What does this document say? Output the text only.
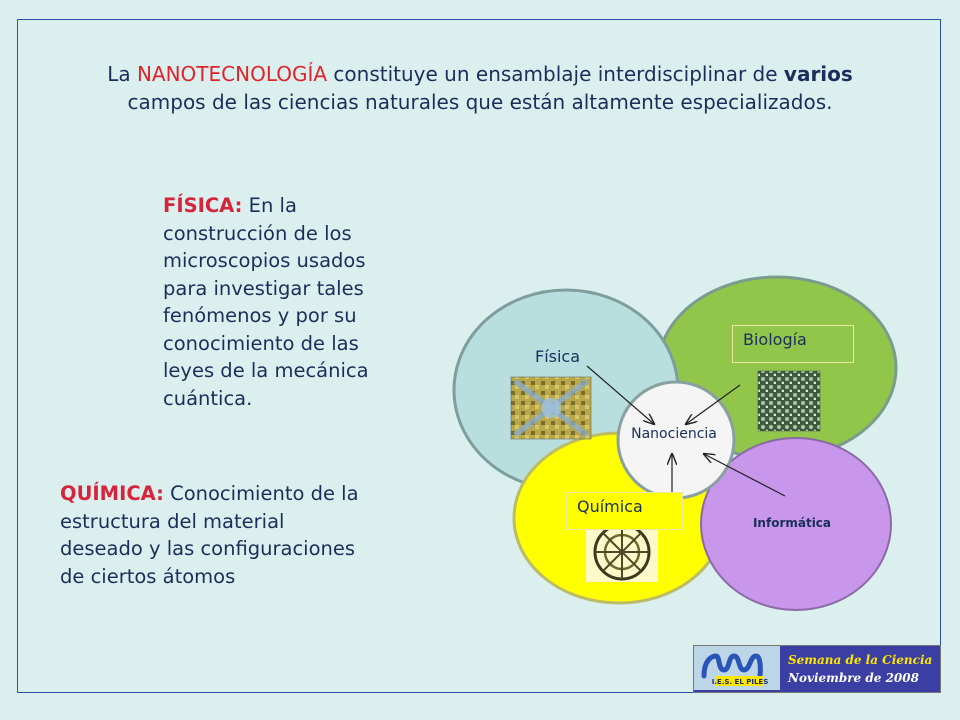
La NANOTECNOLOGÍA constituye un ensamblaje interdisciplinar de varios
campos de las ciencias naturales que están altamente especializados.
FÍSICA: En la construcción de los microscopios usados para investigar tales fenómenos y por su conocimiento de las leyes de la mecánica cuántica.
QUÍMICA: Conocimiento de la estructura del material deseado y las configuraciones de ciertos átomos
Física
Biología
Química
Nanociencia
Informática
I.E.S. EL PILES
Semana de la Ciencia
Noviembre de 2008
